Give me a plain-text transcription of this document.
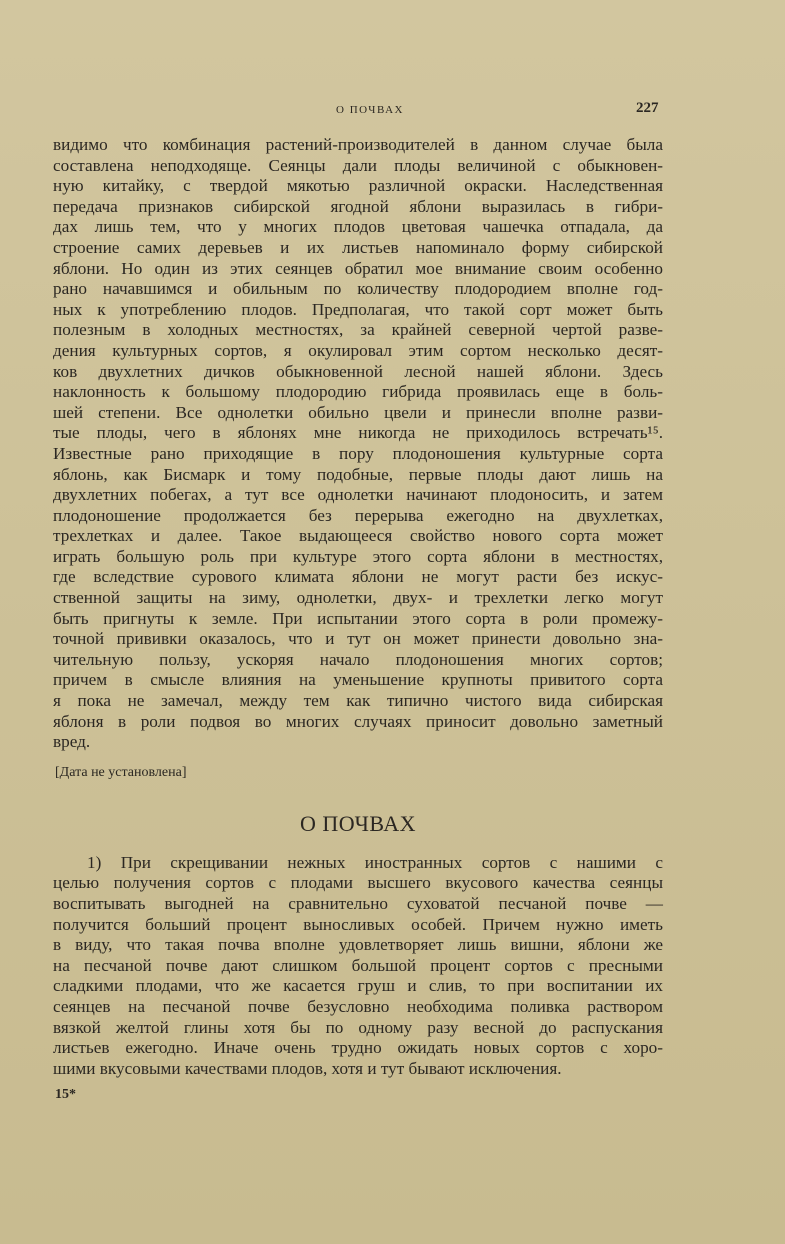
О ПОЧВАХ	227
видимо что комбинация растений-производителей в данном случае была
составлена неподходяще. Сеянцы дали плоды величиной с обыкновен-
ную китайку, с твердой мякотью различной окраски. Наследственная
передача признаков сибирской ягодной яблони выразилась в гибри-
дах лишь тем, что у многих плодов цветовая чашечка отпадала, да
строение самих деревьев и их листьев напоминало форму сибирской
яблони. Но один из этих сеянцев обратил мое внимание своим особенно
рано начавшимся и обильным по количеству плодородием вполне год-
ных к употреблению плодов. Предполагая, что такой сорт может быть
полезным в холодных местностях, за крайней северной чертой разве-
дения культурных сортов, я окулировал этим сортом несколько десят-
ков двухлетних дичков обыкновенной лесной нашей яблони. Здесь
наклонность к большому плодородию гибрида проявилась еще в боль-
шей степени. Все однолетки обильно цвели и принесли вполне разви-
тые плоды, чего в яблонях мне никогда не приходилось встречать¹⁵.
Известные рано приходящие в пору плодоношения культурные сорта
яблонь, как Бисмарк и тому подобные, первые плоды дают лишь на
двухлетних побегах, а тут все однолетки начинают плодоносить, и затем
плодоношение продолжается без перерыва ежегодно на двухлетках,
трехлетках и далее. Такое выдающееся свойство нового сорта может
играть большую роль при культуре этого сорта яблони в местностях,
где вследствие сурового климата яблони не могут расти без искус-
ственной защиты на зиму, однолетки, двух- и трехлетки легко могут
быть пригнуты к земле. При испытании этого сорта в роли промежу-
точной прививки оказалось, что и тут он может принести довольно зна-
чительную пользу, ускоряя начало плодоношения многих сортов;
причем в смысле влияния на уменьшение крупноты привитого сорта
я пока не замечал, между тем как типично чистого вида сибирская
яблоня в роли подвоя во многих случаях приносит довольно заметный
вред.
[Дата не установлена]
О ПОЧВАХ
1) При скрещивании нежных иностранных сортов с нашими с
целью получения сортов с плодами высшего вкусового качества сеянцы
воспитывать выгодней на сравнительно суховатой песчаной почве —
получится больший процент выносливых особей. Причем нужно иметь
в виду, что такая почва вполне удовлетворяет лишь вишни, яблони же
на песчаной почве дают слишком большой процент сортов с пресными
сладкими плодами, что же касается груш и слив, то при воспитании их
сеянцев на песчаной почве безусловно необходима поливка раствором
вязкой желтой глины хотя бы по одному разу весной до распускания
листьев ежегодно. Иначе очень трудно ожидать новых сортов с хоро-
шими вкусовыми качествами плодов, хотя и тут бывают исключения.
15*
